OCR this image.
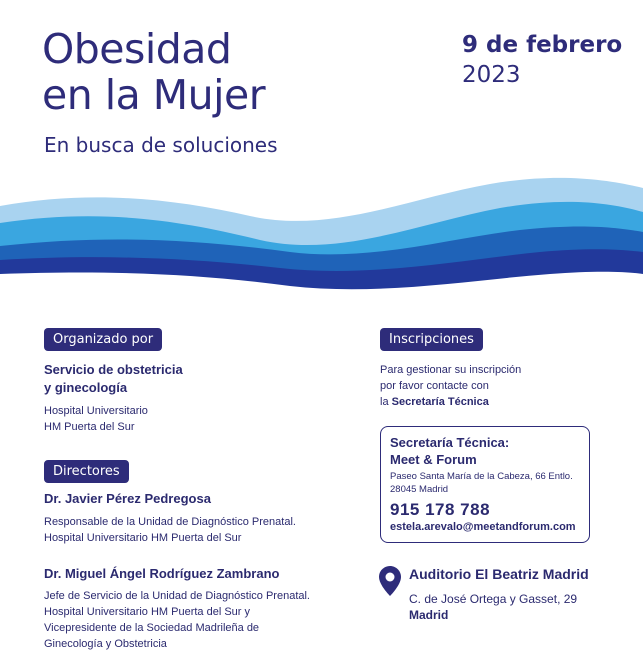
Obesidad
en la Mujer
En busca de soluciones
9 de febrero
2023
Organizado por
Servicio de obstetricia
y ginecología
Hospital Universitario
HM Puerta del Sur
Directores
Dr. Javier Pérez Pedregosa
Responsable de la Unidad de Diagnóstico Prenatal.
Hospital Universitario HM Puerta del Sur
Dr. Miguel Ángel Rodríguez Zambrano
Jefe de Servicio de la Unidad de Diagnóstico Prenatal.
Hospital Universitario HM Puerta del Sur y
Vicepresidente de la Sociedad Madrileña de
Ginecología y Obstetricia
Inscripciones
Para gestionar su inscripción
por favor contacte con
la Secretaría Técnica
Secretaría Técnica:
Meet & Forum
Paseo Santa María de la Cabeza, 66 Entlo.
28045 Madrid
915 178 788
estela.arevalo@meetandforum.com
Auditorio El Beatriz Madrid
C. de José Ortega y Gasset, 29
Madrid
